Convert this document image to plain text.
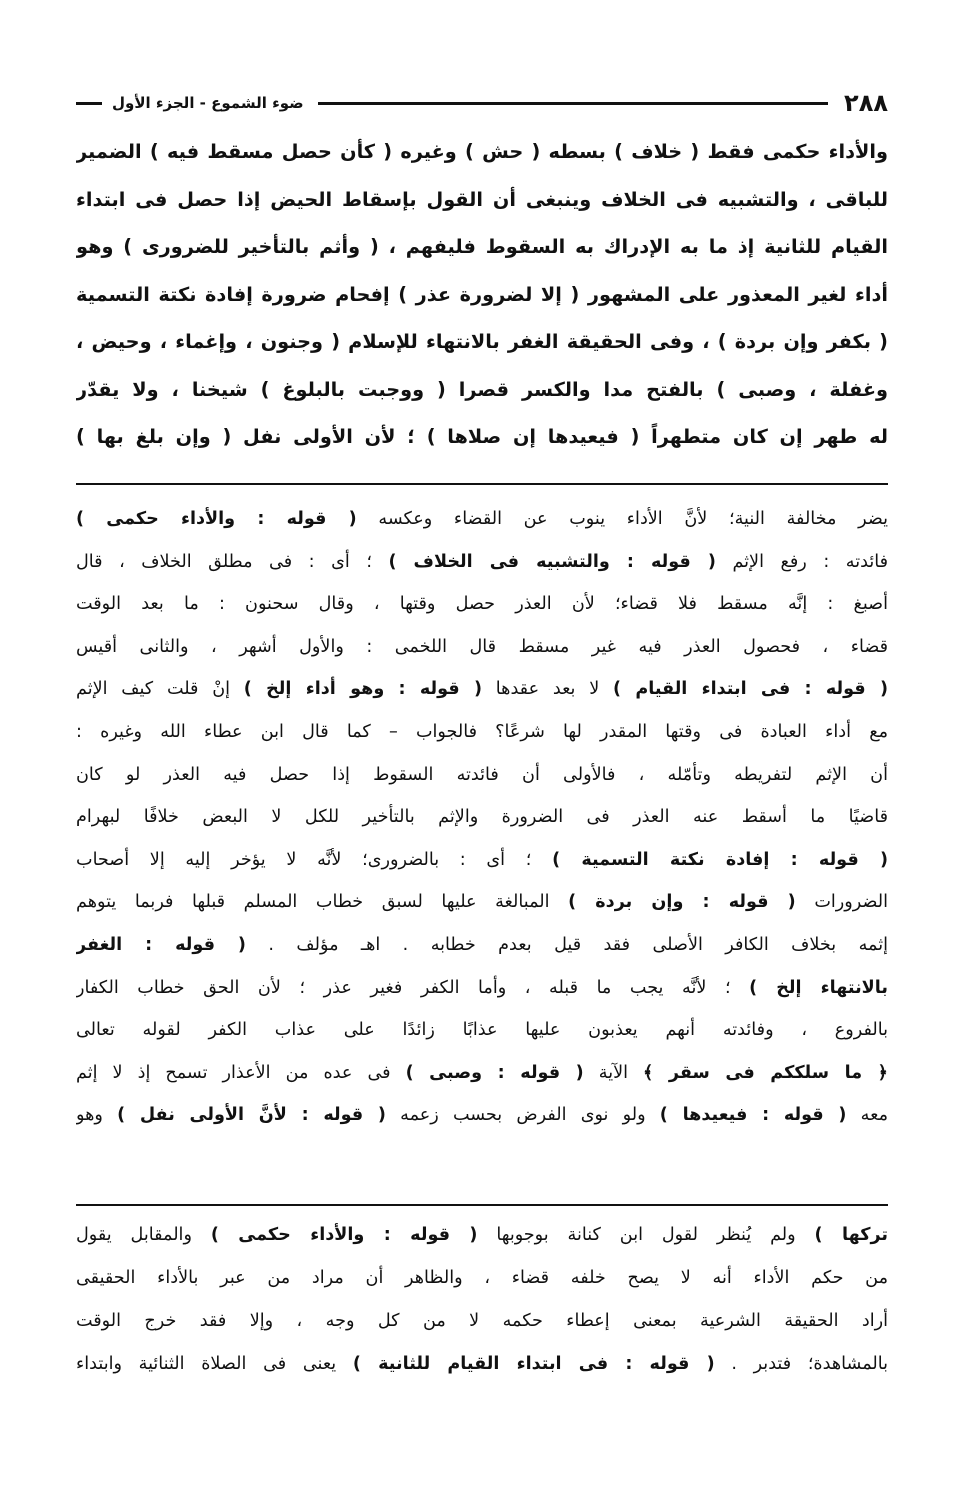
٢٨٨
ضوء الشموع - الجزء الأول
والأداء حكمى فقط ( خلاف ) بسطه ( حش ) وغيره ( كأن حصل مسقط فيه ) الضمير
للباقى ، والتشبيه فى الخلاف وينبغى أن القول بإسقاط الحيض إذا حصل فى ابتداء
القيام للثانية إذ ما به الإدراك به السقوط فليفهم ، ( وأثم بالتأخير للضرورى ) وهو
أداء لغير المعذور على المشهور ( إلا لضرورة عذر ) إفحام ضرورة إفادة نكتة التسمية
( بكفر وإن بردة ) ، وفى الحقيقة الغفر بالانتهاء للإسلام ( وجنون ، وإغماء ، وحيض ،
وغفلة ، وصبى ) بالفتح مدا والكسر قصرا ( ووجبت بالبلوغ ) شيخنا ، ولا يقدّر
له طهر إن كان متطهراً ( فيعيدها إن صلاها ) ؛ لأن الأولى نفل ( وإن بلغ بها )
يضر مخالفة النية؛ لأنَّ الأداء ينوب عن القضاء وعكسه ( قوله : والأداء حكمى )
فائدته : رفع الإثم ( قوله : والتشبيه فى الخلاف ) ؛ أى : فى مطلق الخلاف ، قال
أصبغ : إنَّه مسقط فلا قضاء؛ لأن العذر حصل وقتها ، وقال سحنون : ما بعد الوقت
قضاء ، فحصول العذر فيه غير مسقط قال اللخمى : والأول أشهر ، والثانى أقيس
( قوله : فى ابتداء القيام ) لا بعد عقدها ( قوله : وهو أداء إلخ ) إنْ قلت كيف الإثم
مع أداء العبادة فى وقتها المقدر لها شرعًا؟ فالجواب – كما قال ابن عطاء الله وغيره :
أن الإثم لتفريطه وتأمّله ، فالأولى أن فائدته السقوط إذا حصل فيه العذر لو كان
قاضيًا ما أسقط عنه العذر فى الضرورة والإثم بالتأخير للكل لا البعض خلافًا لبهرام
( قوله : إفادة نكتة التسمية ) ؛ أى : بالضرورى؛ لأنَّه لا يؤخر إليه إلا أصحاب
الضرورات ( قوله : وإن بردة ) المبالغة عليها لسبق خطاب المسلم قبلها فربما يتوهم
إثمه بخلاف الكافر الأصلى فقد قيل بعدم خطابه . اهـ مؤلف . ( قوله : الغفر
بالانتهاء إلخ ) ؛ لأنَّه يجب ما قبله ، وأما الكفر فغير عذر ؛ لأن الحق خطاب الكفار
بالفروع ، وفائدته أنهم يعذبون عليها عذابًا زائدًا على عذاب الكفر لقوله تعالى
﴿ ما سلككم فى سقر ﴾ الآية ( قوله : وصبى ) فى عده من الأعذار تسمح إذ لا إثم
معه ( قوله : فيعيدها ) ولو نوى الفرض بحسب زعمه ( قوله : لأنَّ الأولى نفل ) وهو
تركها ) ولم يُنظر لقول ابن كنانة بوجوبها ( قوله : والأداء حكمى ) والمقابل يقول
من حكم الأداء أنه لا يصح خلفه قضاء ، والظاهر أن مراد من عبر بالأداء الحقيقى
أراد الحقيقة الشرعية بمعنى إعطاء حكمه لا من كل وجه ، وإلا فقد خرج الوقت
بالمشاهدة؛ فتدبر . ( قوله : فى ابتداء القيام للثانية ) يعنى فى الصلاة الثنائية وابتداء
